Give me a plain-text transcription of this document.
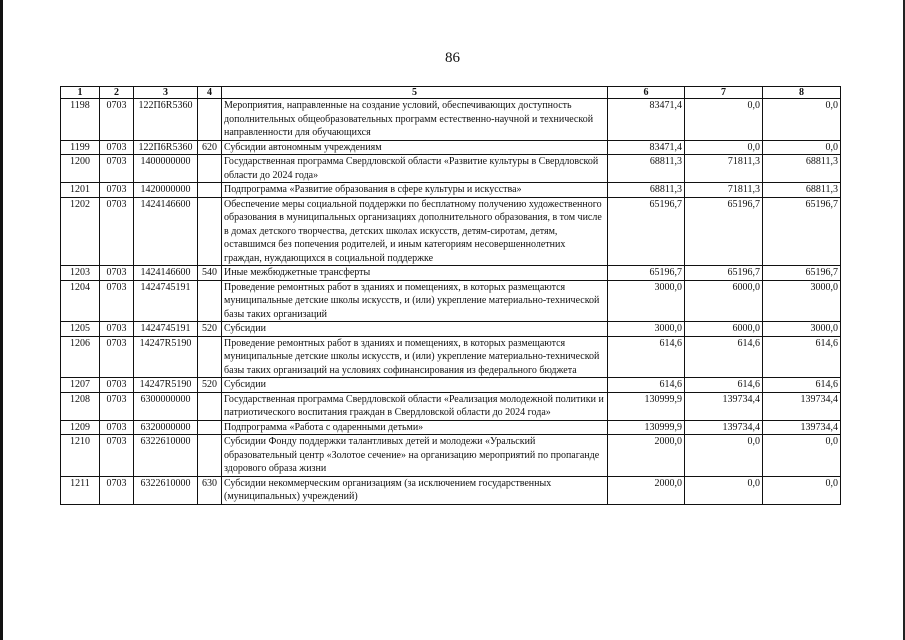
86
1	2	3	4	5	6	7	8
1198	0703	122П6R5360		Мероприятия, направленные на создание условий, обеспечивающих доступность дополнительных общеобразовательных программ естественно-научной и технической направленности для обучающихся	83471,4	0,0	0,0
1199	0703	122П6R5360	620	Субсидии автономным учреждениям	83471,4	0,0	0,0
1200	0703	1400000000		Государственная программа Свердловской области «Развитие культуры в Свердловской области до 2024 года»	68811,3	71811,3	68811,3
1201	0703	1420000000		Подпрограмма «Развитие образования в сфере культуры и искусства»	68811,3	71811,3	68811,3
1202	0703	1424146600		Обеспечение меры социальной поддержки по бесплатному получению художественного образования в муниципальных организациях дополнительного образования, в том числе в домах детского творчества, детских школах искусств, детям-сиротам, детям, оставшимся без попечения родителей, и иным категориям несовершеннолетних граждан, нуждающихся в социальной поддержке	65196,7	65196,7	65196,7
1203	0703	1424146600	540	Иные межбюджетные трансферты	65196,7	65196,7	65196,7
1204	0703	1424745191		Проведение ремонтных работ в зданиях и помещениях, в которых размещаются муниципальные детские школы искусств, и (или) укрепление материально-технической базы таких организаций	3000,0	6000,0	3000,0
1205	0703	1424745191	520	Субсидии	3000,0	6000,0	3000,0
1206	0703	14247R5190		Проведение ремонтных работ в зданиях и помещениях, в которых размещаются муниципальные детские школы искусств, и (или) укрепление материально-технической базы таких организаций на условиях софинансирования из федерального бюджета	614,6	614,6	614,6
1207	0703	14247R5190	520	Субсидии	614,6	614,6	614,6
1208	0703	6300000000		Государственная программа Свердловской области «Реализация молодежной политики и патриотического воспитания граждан в Свердловской области до 2024 года»	130999,9	139734,4	139734,4
1209	0703	6320000000		Подпрограмма «Работа с одаренными детьми»	130999,9	139734,4	139734,4
1210	0703	6322610000		Субсидии Фонду поддержки талантливых детей и молодежи «Уральский образовательный центр «Золотое сечение» на организацию мероприятий по пропаганде здорового образа жизни	2000,0	0,0	0,0
1211	0703	6322610000	630	Субсидии некоммерческим организациям (за исключением государственных (муниципальных) учреждений)	2000,0	0,0	0,0
